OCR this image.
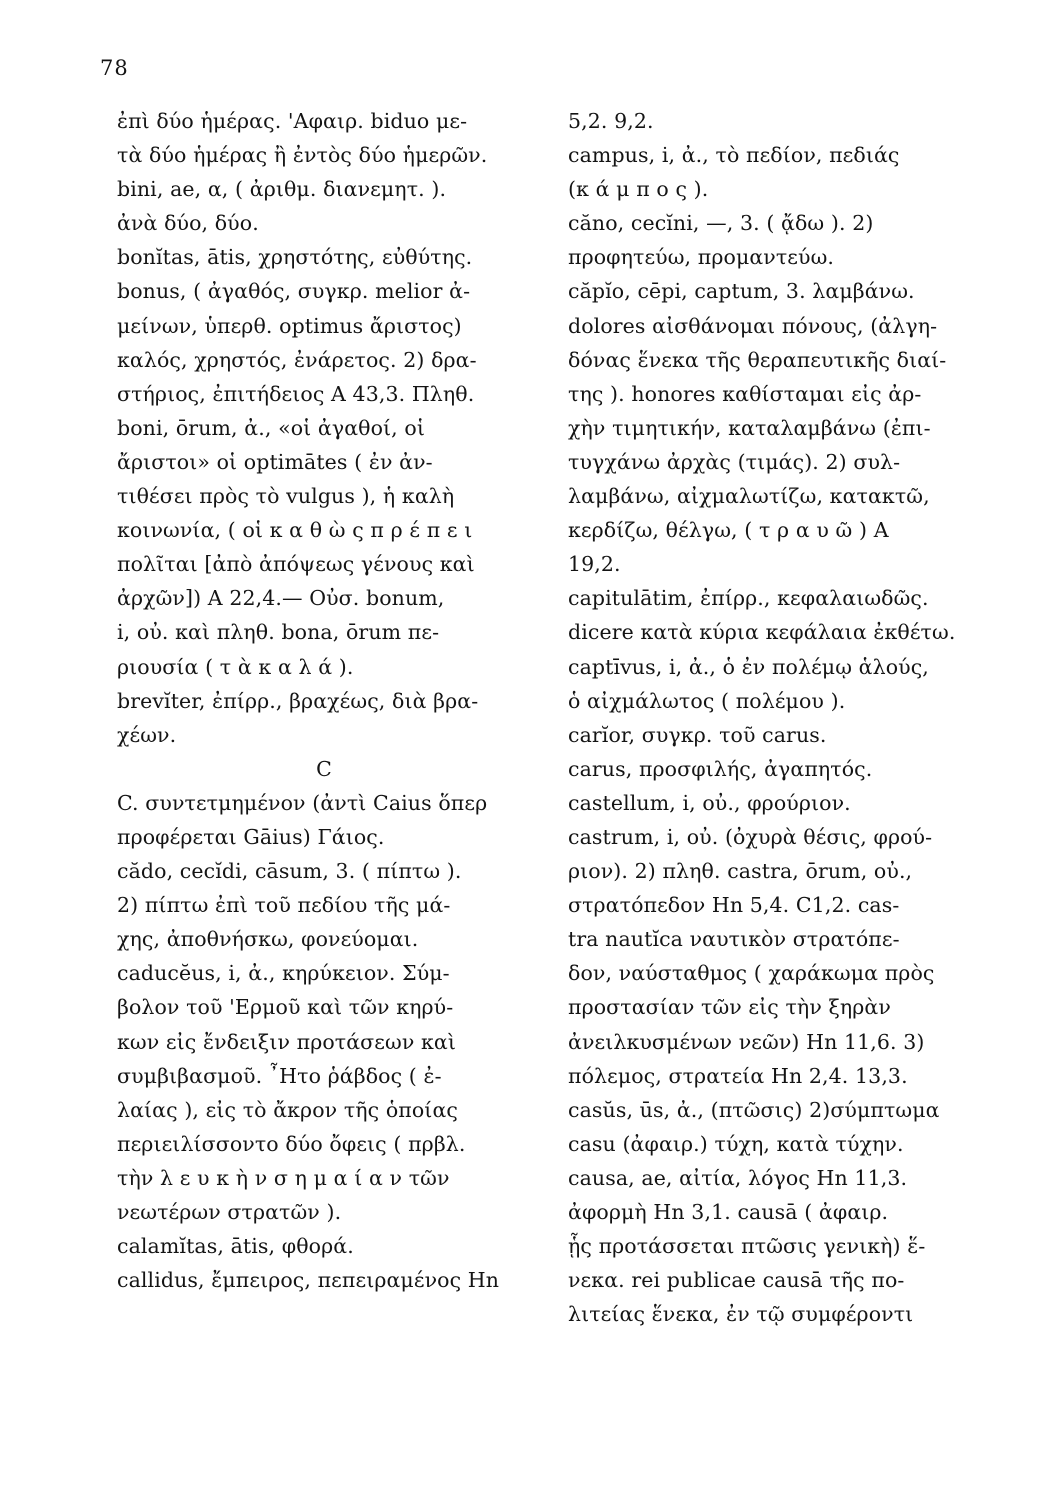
78
ἐπὶ δύο ἡμέρας. 'Αφαιρ. biduo με-
τὰ δύο ἡμέρας ἢ ἐντὸς δύο ἡμερῶν.
bini, ae, α, ( ἀριθμ. διανεμητ. ).
ἀνὰ δύο, δύο.
bonĭtas, ātis, χρηστότης, εὐθύτης.
bonus, ( ἀγαθός, συγκρ. melior ἀ-
μείνων, ὑπερθ. optimus ἄριστος)
καλός, χρηστός, ἐνάρετος. 2) δρα-
στήριος, ἐπιτήδειος A 43,3. Πληθ.
boni, ōrum, ἀ., «οἱ ἀγαθοί, οἱ
ἄριστοι» οἱ optimātes ( ἐν ἀν-
τιθέσει πρὸς τὸ vulgus ), ἡ καλὴ
κοινωνία, ( οἱ κ α θ ὼ ς π ρ έ π ε ι
πολῖται [ἀπὸ ἀπόψεως γένους καὶ
ἀρχῶν]) A 22,4.— Οὐσ. bonum,
i, οὐ. καὶ πληθ. bona, ōrum πε-
ριουσία ( τ ὰ κ α λ ά ).
brevĭter, ἐπίρρ., βραχέως, διὰ βρα-
χέων.
C
C. συντετμημένον (ἀντὶ Caius ὅπερ
προφέρεται Gāius) Γάιος.
căd​o, cecĭdi, cāsum, 3. ( πίπτω ).
2) πίπτω ἐπὶ τοῦ πεδίου τῆς μά-
χης, ἀποθνήσκω, φονεύομαι.
caducĕus, i, ἀ., κηρύκειον. Σύμ-
βολον τοῦ 'Ερμοῦ καὶ τῶν κηρύ-
κων εἰς ἔνδειξιν προτάσεων καὶ
συμβιβασμοῦ. ῏Ητο ῥάβδος ( ἐ-
λαίας ), εἰς τὸ ἄκρον τῆς ὁποίας
περιειλίσσοντο δύο ὄφεις ( πρβλ.
τὴν λ ε υ κ ὴ ν σ η μ α ί α ν τῶν
νεωτέρων στρατῶν ).
calamĭtas, ātis, φθορά.
callidus, ἔμπειρος, πεπειραμένος Hn
5,2. 9,2.
campus, i, ἀ., τὸ πεδίον, πεδιάς
(κ ά μ π ο ς ).
căno, cecĭni, —, 3. ( ᾄδω ). 2)
προφητεύω, προμαντεύω.
căpĭo, cēpi, captum, 3. λαμβάνω.
dolores αἰσθάνομαι πόνους, (ἀλγη-
δόνας ἕνεκα τῆς θεραπευτικῆς διαί-
της ). honores καθίσταμαι εἰς ἀρ-
χὴν τιμητικήν, καταλαμβάνω (ἐπι-
τυγχάνω ἀρχὰς (τιμάς). 2) συλ-
λαμβάνω, αἰχμαλωτίζω, κατακτῶ,
κερδίζω, θέλγω, ( τ ρ α υ ῶ ) A
19,2.
capitulātim, ἐπίρρ., κεφαλαιωδῶς.
dicere κατὰ κύρια κεφάλαια ἐκθέτω.
captīvus, i, ἀ., ὁ ἐν πολέμῳ ἁλούς,
ὁ αἰχμάλωτος ( πολέμου ).
carĭor, συγκρ. τοῦ carus.
carus, προσφιλής, ἀγαπητός.
castellum, i, οὐ., φρούριον.
castrum, i, οὐ. (ὀχυρὰ θέσις, φρού-
ριον). 2) πληθ. castra, ōrum, οὐ.,
στρατόπεδον Hn 5,4. C1,2. cas-
tra nautĭca ναυτικὸν στρατόπε-
δον, ναύσταθμος ( χαράκωμα πρὸς
προστασίαν τῶν εἰς τὴν ξηρὰν
ἀνειλκυσμένων νεῶν) Hn 11,6. 3)
πόλεμος, στρατεία Hn 2,4. 13,3.
casŭs, ūs, ἀ., (πτῶσις) 2)σύμπτωμα
casu (ἀφαιρ.) τύχη, κατὰ τύχην.
causa, ae, αἰτία, λόγος Hn 11,3.
ἀφορμὴ Hn 3,1. causā ( ἀφαιρ.
ᾗς προτάσσεται πτῶσις γενικὴ) ἕ-
νεκα. rei publicae causā τῆς πο-
λιτείας ἕνεκα, ἐν τῷ συμφέροντι
